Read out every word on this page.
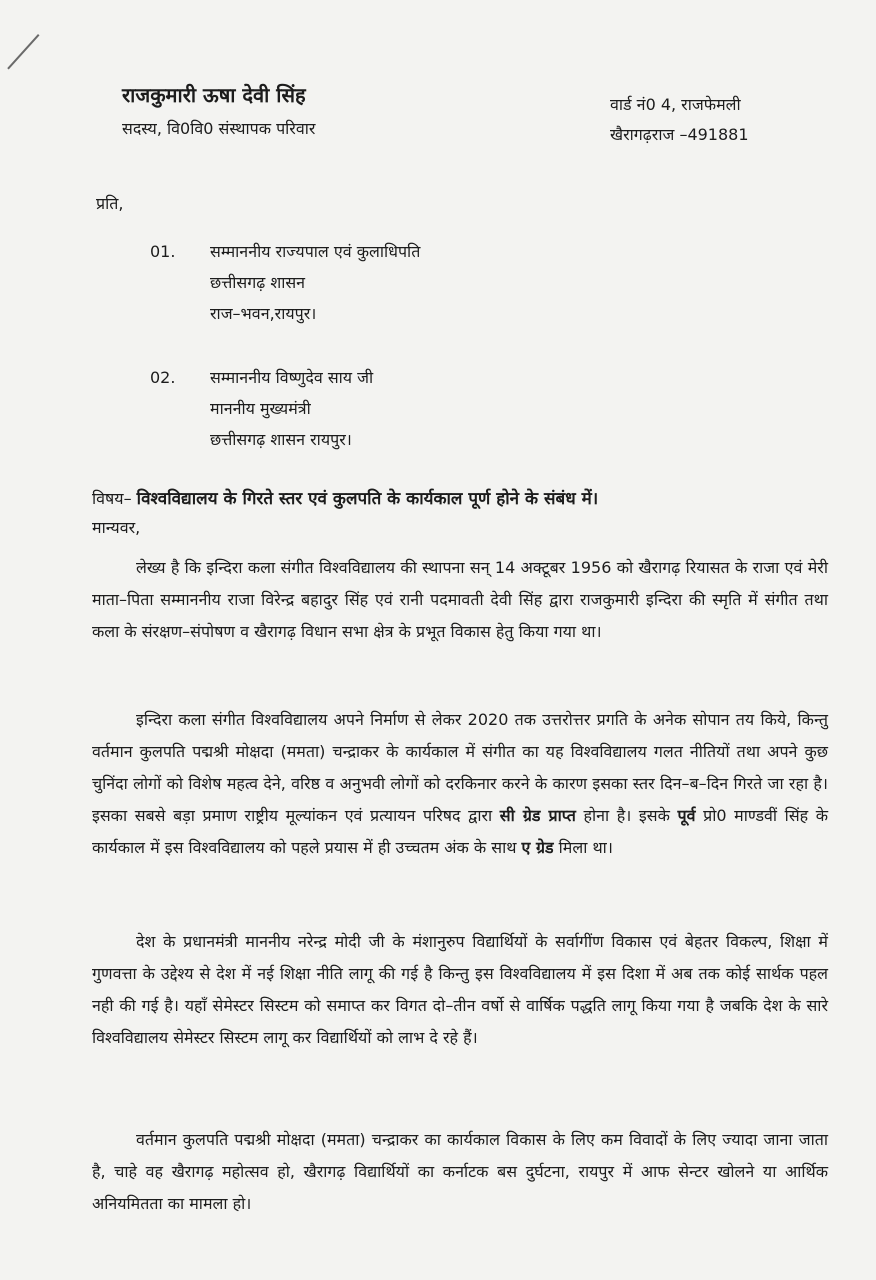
राजकुमारी ऊषा देवी सिंह
सदस्य, वि0वि0 संस्थापक परिवार
वार्ड नं0 4, राजफेमली
खैरागढ़राज –491881
प्रति,
01.	सम्माननीय राज्यपाल एवं कुलाधिपति
छत्तीसगढ़ शासन
राज–भवन,रायपुर।
02.	सम्माननीय विष्णुदेव साय जी
माननीय मुख्यमंत्री
छत्तीसगढ़ शासन रायपुर।
विषय– विश्वविद्यालय के गिरते स्तर एवं कुलपति के कार्यकाल पूर्ण होने के संबंध में।
मान्यवर,
लेख्य है कि इन्दिरा कला संगीत विश्वविद्यालय की स्थापना सन् 14 अक्टूबर 1956 को खैरागढ़ रियासत के राजा एवं मेरी माता–पिता सम्माननीय राजा विरेन्द्र बहादुर सिंह एवं रानी पदमावती देवी सिंह द्वारा राजकुमारी इन्दिरा की स्मृति में संगीत तथा कला के संरक्षण–संपोषण व खैरागढ़ विधान सभा क्षेत्र के प्रभूत विकास हेतु किया गया था।
इन्दिरा कला संगीत विश्वविद्यालय अपने निर्माण से लेकर 2020 तक उत्तरोत्तर प्रगति के अनेक सोपान तय किये, किन्तु वर्तमान कुलपति पद्मश्री मोक्षदा (ममता) चन्द्राकर के कार्यकाल में संगीत का यह विश्वविद्यालय गलत नीतियों तथा अपने कुछ चुनिंदा लोगों को विशेष महत्व देने, वरिष्ठ व अनुभवी लोगों को दरकिनार करने के कारण इसका स्तर दिन–ब–दिन गिरते जा रहा है। इसका सबसे बड़ा प्रमाण राष्ट्रीय मूल्यांकन एवं प्रत्यायन परिषद द्वारा सी ग्रेड प्राप्त होना है। इसके पूर्व प्रो0 माण्डवीं सिंह के कार्यकाल में इस विश्वविद्यालय को पहले प्रयास में ही उच्चतम अंक के साथ ए ग्रेड मिला था।
देश के प्रधानमंत्री माननीय नरेन्द्र मोदी जी के मंशानुरुप विद्यार्थियों के सर्वागींण विकास एवं बेहतर विकल्प, शिक्षा में गुणवत्ता के उद्देश्य से देश में नई शिक्षा नीति लागू की गई है किन्तु इस विश्वविद्यालय में इस दिशा में अब तक कोई सार्थक पहल नही की गई है। यहाँ सेमेस्टर सिस्टम को समाप्त कर विगत दो–तीन वर्षो से वार्षिक पद्धति लागू किया गया है जबकि देश के सारे विश्वविद्यालय सेमेस्टर सिस्टम लागू कर विद्यार्थियों को लाभ दे रहे हैं।
वर्तमान कुलपति पद्मश्री मोक्षदा (ममता) चन्द्राकर का कार्यकाल विकास के लिए कम विवादों के लिए ज्यादा जाना जाता है, चाहे वह खैरागढ़ महोत्सव हो, खैरागढ़ विद्यार्थियों का कर्नाटक बस दुर्घटना, रायपुर में आफ सेन्टर खोलने या आर्थिक अनियमितता का मामला हो।
